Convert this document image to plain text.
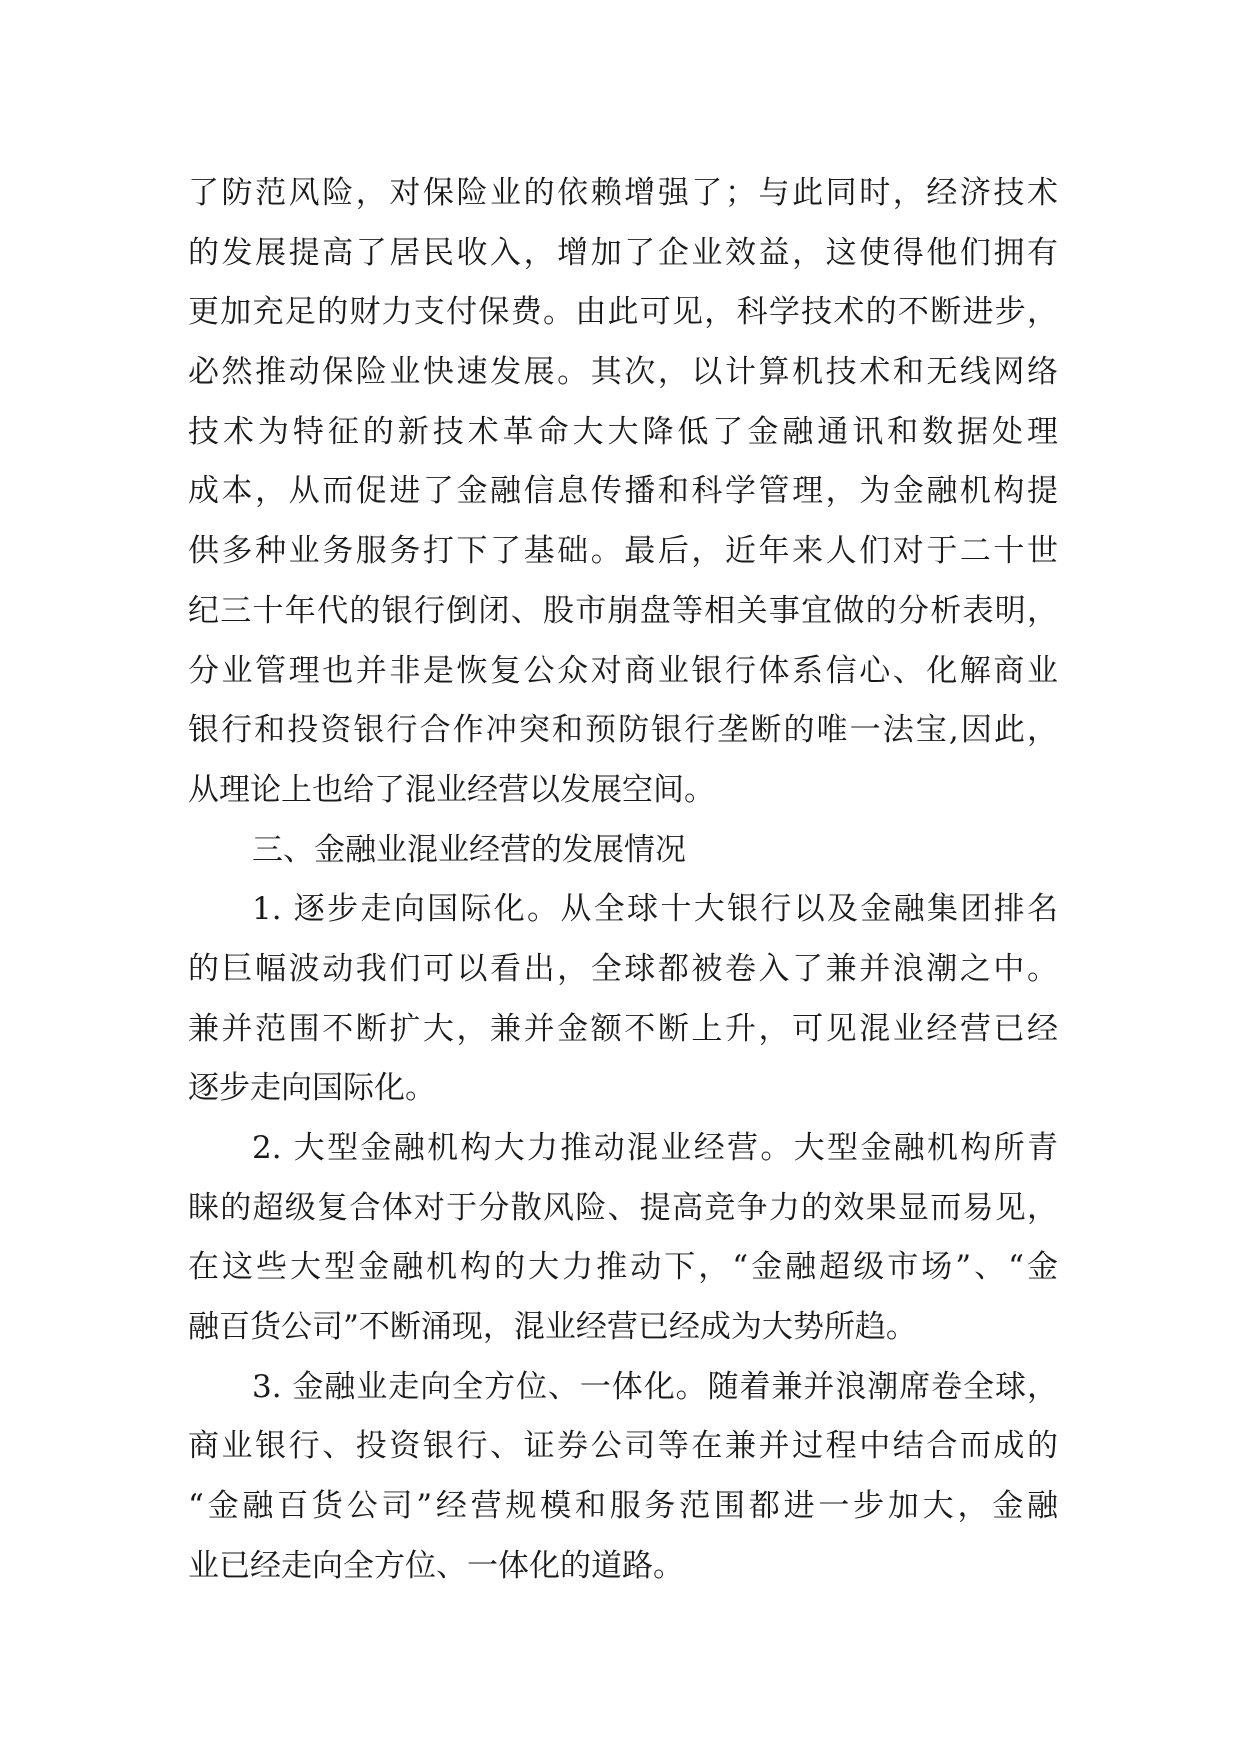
了防范风险，对保险业的依赖增强了；与此同时，经济技术
的发展提高了居民收入，增加了企业效益，这使得他们拥有
更加充足的财力支付保费。由此可见，科学技术的不断进步，
必然推动保险业快速发展。其次，以计算机技术和无线网络
技术为特征的新技术革命大大降低了金融通讯和数据处理
成本，从而促进了金融信息传播和科学管理，为金融机构提
供多种业务服务打下了基础。最后，近年来人们对于二十世
纪三十年代的银行倒闭、股市崩盘等相关事宜做的分析表明，
分业管理也并非是恢复公众对商业银行体系信心、化解商业
银行和投资银行合作冲突和预防银行垄断的唯一法宝,因此，
从理论上也给了混业经营以发展空间。
三、金融业混业经营的发展情况
1. 逐步走向国际化。从全球十大银行以及金融集团排名
的巨幅波动我们可以看出，全球都被卷入了兼并浪潮之中。
兼并范围不断扩大，兼并金额不断上升，可见混业经营已经
逐步走向国际化。
2. 大型金融机构大力推动混业经营。大型金融机构所青
睐的超级复合体对于分散风险、提高竞争力的效果显而易见，
在这些大型金融机构的大力推动下，“金融超级市场”、“金
融百货公司”不断涌现，混业经营已经成为大势所趋。
3. 金融业走向全方位、一体化。随着兼并浪潮席卷全球，
商业银行、投资银行、证券公司等在兼并过程中结合而成的
“金融百货公司”经营规模和服务范围都进一步加大，金融
业已经走向全方位、一体化的道路。
